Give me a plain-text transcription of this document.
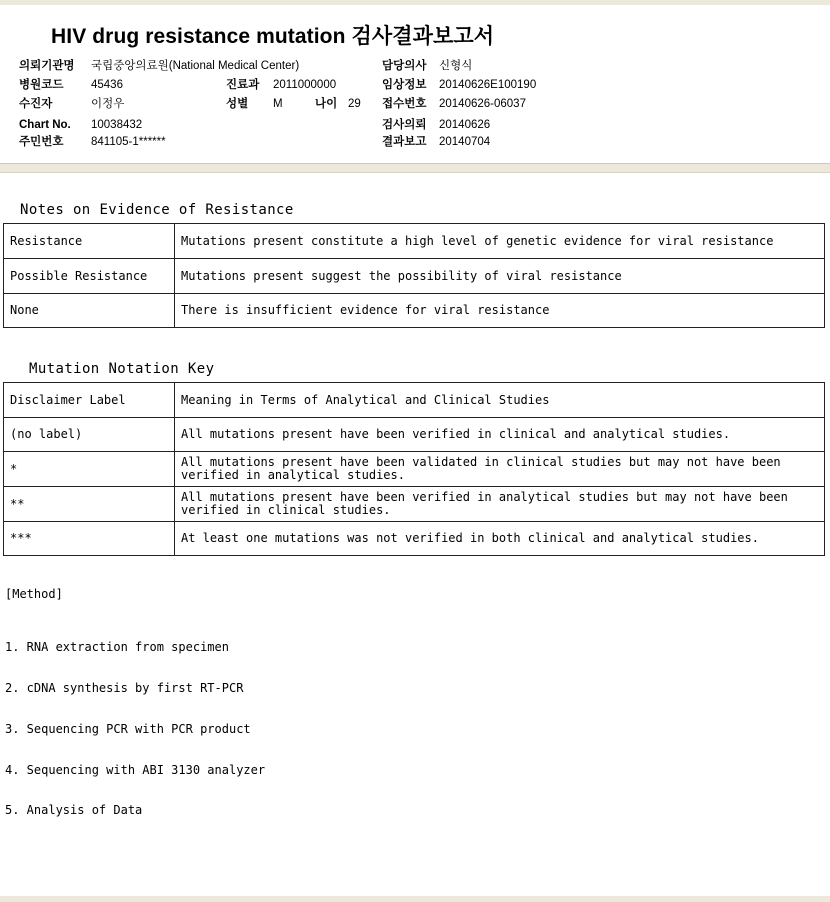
HIV drug resistance mutation 검사결과보고서
의뢰기관명 국립중앙의료원(National Medical Center)	담당의사 신형식
병원코드 45436	진료과 2011000000	임상정보 20140626E100190
수진자	이정우	성별 M	나이 29 접수번호 20140626-06037
Chart No. 10038432	검사의뢰 20140626
주민번호 841105-1******	결과보고 20140704
Notes on Evidence of Resistance
Resistance	Mutations present constitute a high level of genetic evidence for viral resistance
Possible Resistance	Mutations present suggest the possibility of viral resistance
None	There is insufficient evidence for viral resistance
Mutation Notation Key
Disclaimer Label	Meaning in Terms of Analytical and Clinical Studies
(no label)	All mutations present have been verified in clinical and analytical studies.
*	All mutations present have been validated in clinical studies but may not have been verified in analytical studies.
**	All mutations present have been verified in analytical studies but may not have been verified in clinical studies.
***	At least one mutations was not verified in both clinical and analytical studies.
[Method]

1. RNA extraction from specimen

2. cDNA synthesis by first RT-PCR

3. Sequencing PCR with PCR product

4. Sequencing with ABI 3130 analyzer

5. Analysis of Data
